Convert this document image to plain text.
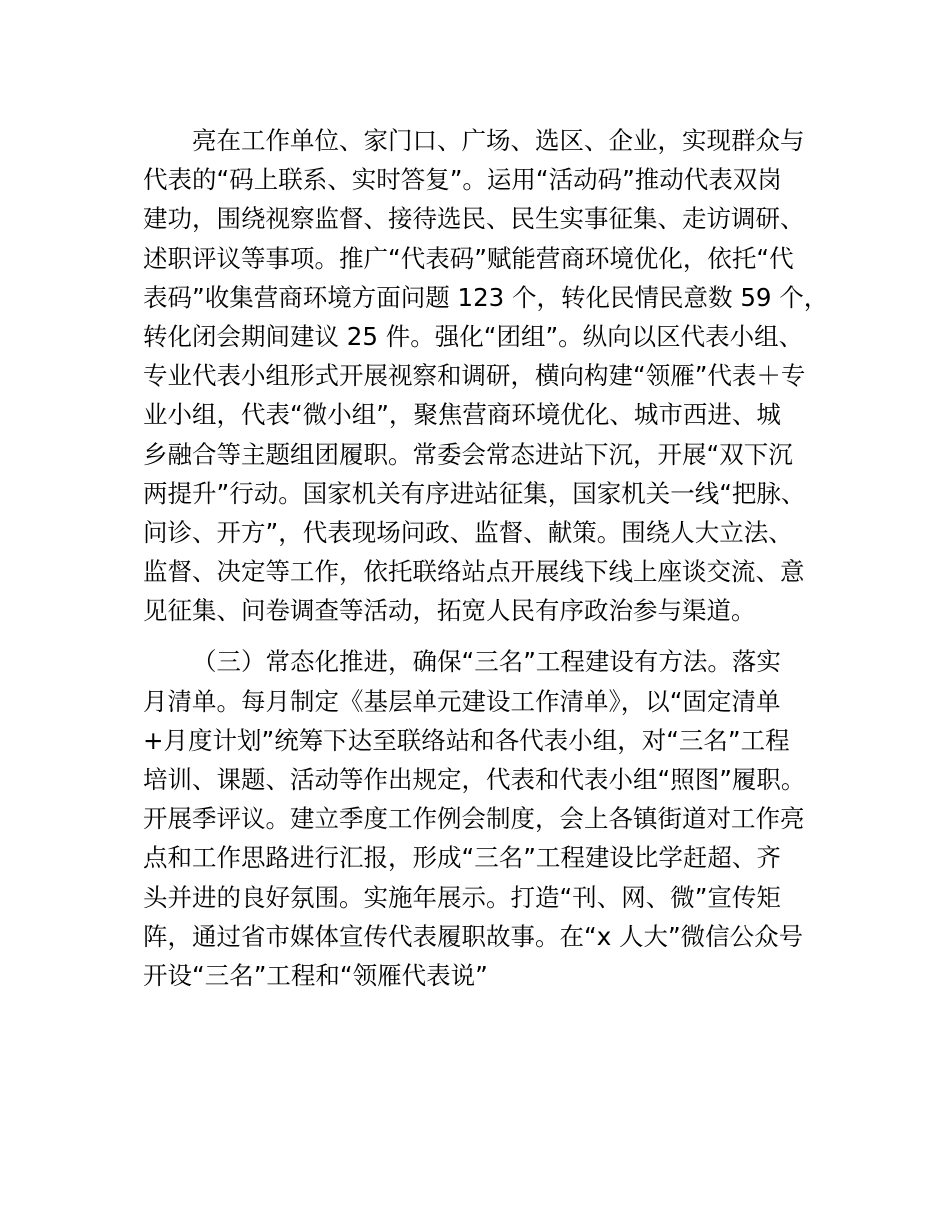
亮在工作单位、家门口、广场、选区、企业，实现群众与
代表的“码上联系、实时答复”。运用“活动码”推动代表双岗
建功，围绕视察监督、接待选民、民生实事征集、走访调研、
述职评议等事项。推广“代表码”赋能营商环境优化，依托“代
表码”收集营商环境方面问题 123 个，转化民情民意数 59 个，
转化闭会期间建议 25 件。强化“团组”。纵向以区代表小组、
专业代表小组形式开展视察和调研，横向构建“领雁”代表＋专
业小组，代表“微小组”，聚焦营商环境优化、城市西进、城
乡融合等主题组团履职。常委会常态进站下沉，开展“双下沉
两提升”行动。国家机关有序进站征集，国家机关一线“把脉、
问诊、开方”，代表现场问政、监督、献策。围绕人大立法、
监督、决定等工作，依托联络站点开展线下线上座谈交流、意
见征集、问卷调查等活动，拓宽人民有序政治参与渠道。
（三）常态化推进，确保“三名”工程建设有方法。落实
月清单。每月制定《基层单元建设工作清单》，以“固定清单
+月度计划”统筹下达至联络站和各代表小组，对“三名”工程
培训、课题、活动等作出规定，代表和代表小组“照图”履职。
开展季评议。建立季度工作例会制度，会上各镇街道对工作亮
点和工作思路进行汇报，形成“三名”工程建设比学赶超、齐
头并进的良好氛围。实施年展示。打造“刊、网、微”宣传矩
阵，通过省市媒体宣传代表履职故事。在“x 人大”微信公众号
开设“三名”工程和“领雁代表说”
